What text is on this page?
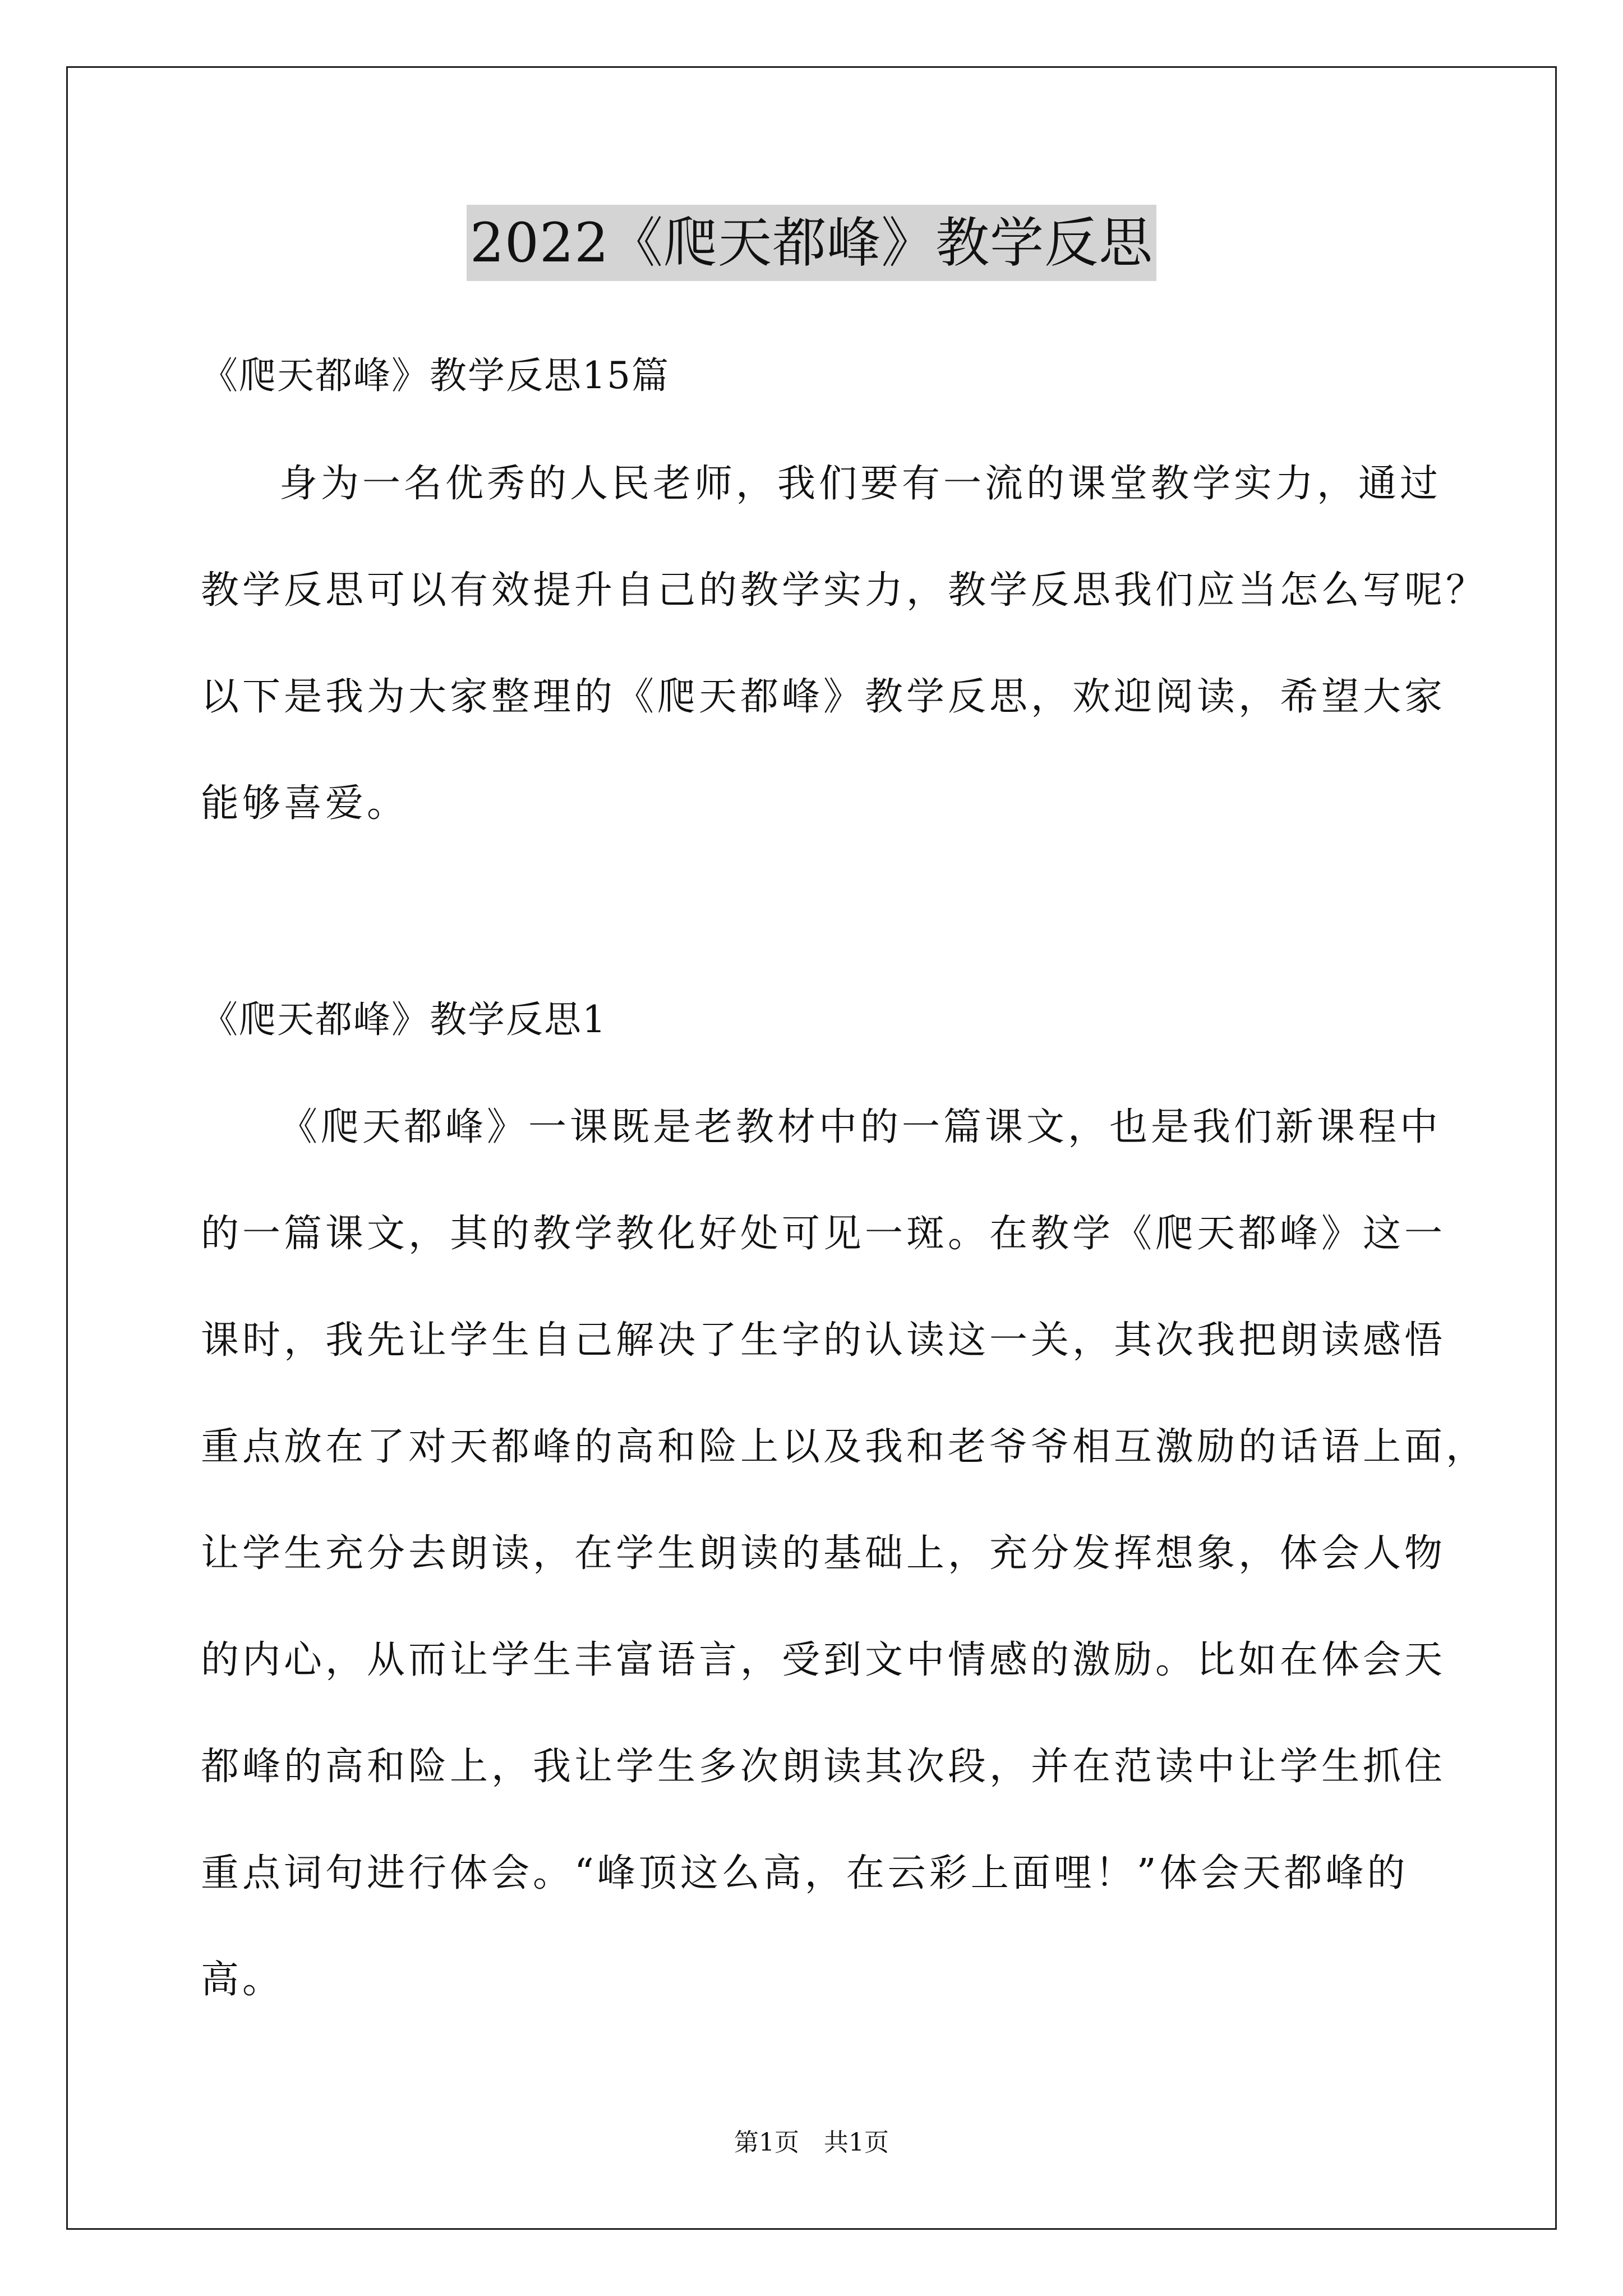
2022《爬天都峰》教学反思
《爬天都峰》教学反思15篇
身为一名优秀的人民老师，我们要有一流的课堂教学实力，通过
教学反思可以有效提升自己的教学实力，教学反思我们应当怎么写呢？
以下是我为大家整理的《爬天都峰》教学反思，欢迎阅读，希望大家
能够喜爱。
《爬天都峰》教学反思1
《爬天都峰》一课既是老教材中的一篇课文，也是我们新课程中
的一篇课文，其的教学教化好处可见一斑。在教学《爬天都峰》这一
课时，我先让学生自己解决了生字的认读这一关，其次我把朗读感悟
重点放在了对天都峰的高和险上以及我和老爷爷相互激励的话语上面，
让学生充分去朗读，在学生朗读的基础上，充分发挥想象，体会人物
的内心，从而让学生丰富语言，受到文中情感的激励。比如在体会天
都峰的高和险上，我让学生多次朗读其次段，并在范读中让学生抓住
重点词句进行体会。“峰顶这么高，在云彩上面哩！”体会天都峰的
高。
第1页　共1页
